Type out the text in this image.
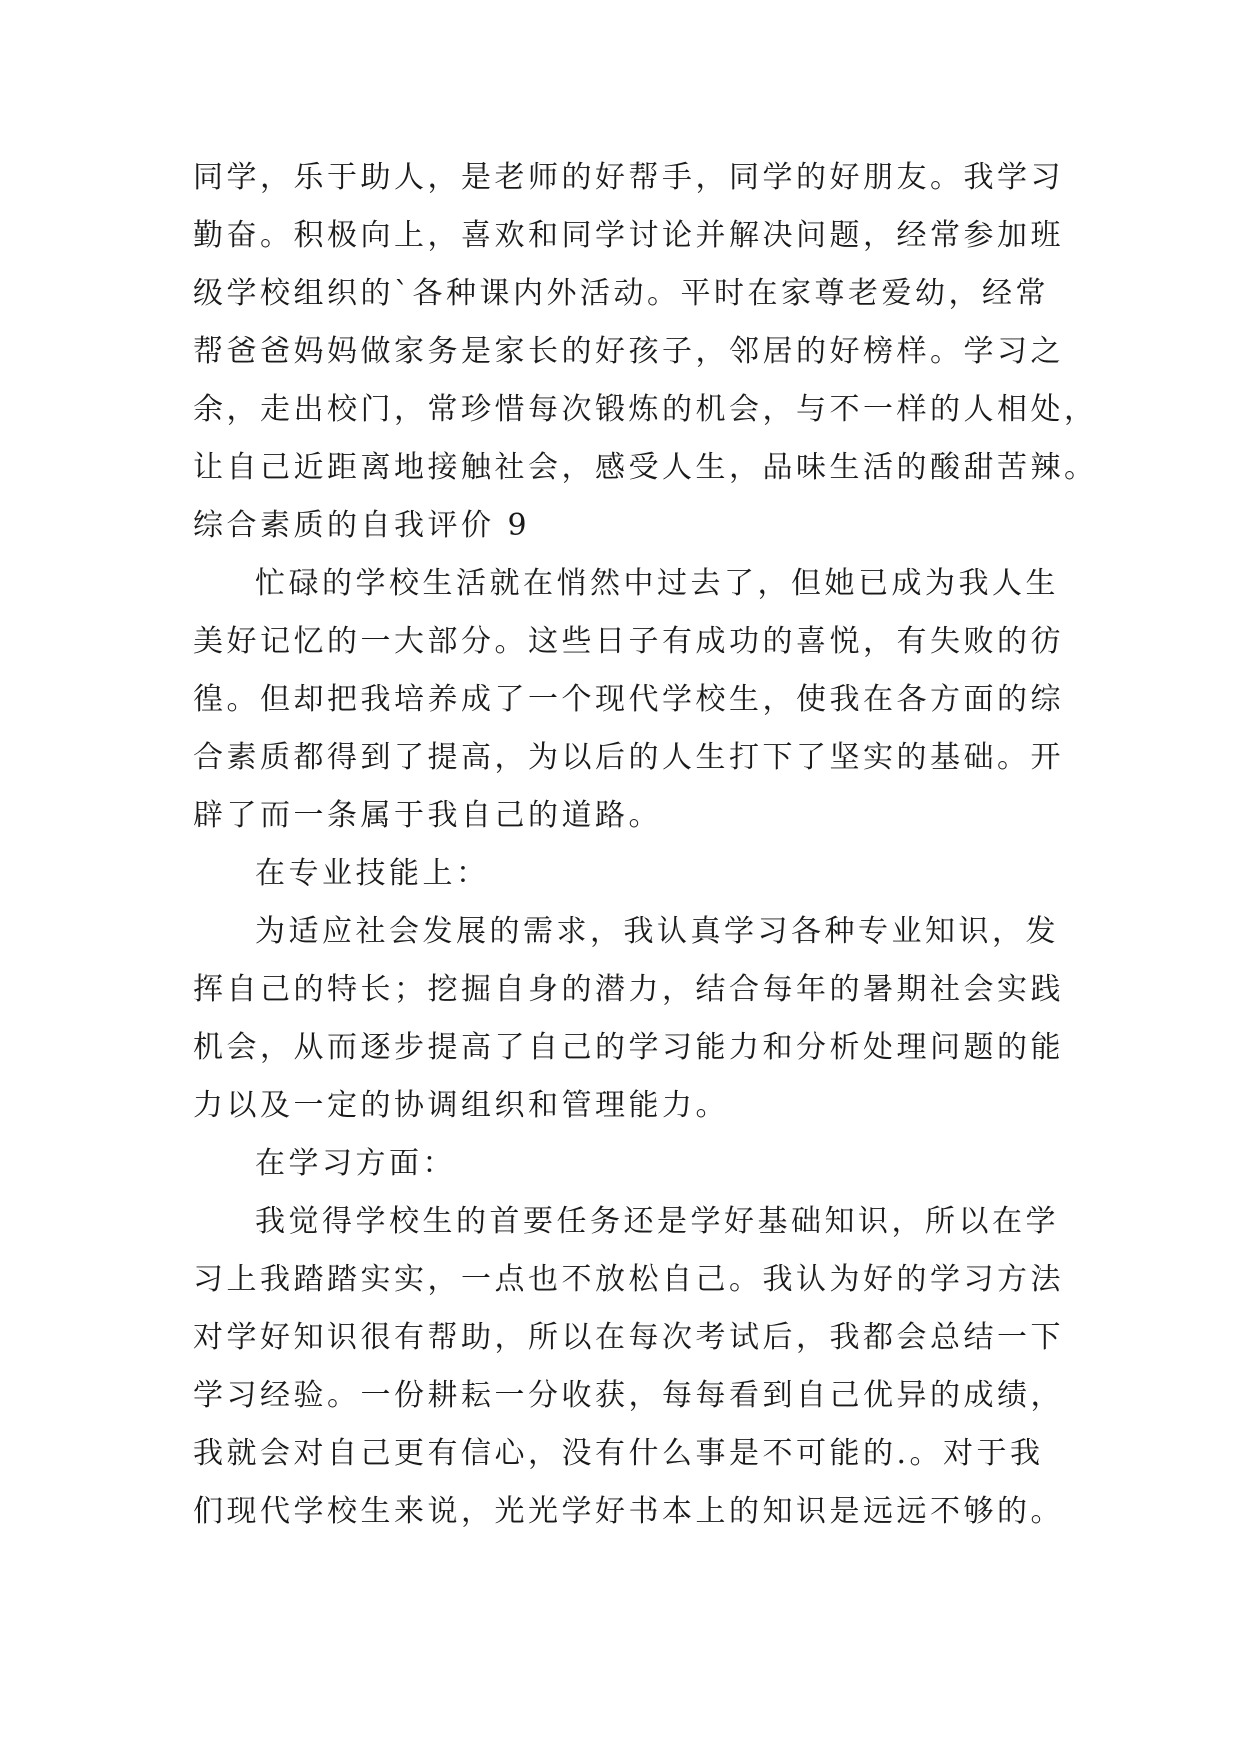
同学，乐于助人，是老师的好帮手，同学的好朋友。我学习
勤奋。积极向上，喜欢和同学讨论并解决问题，经常参加班
级学校组织的`各种课内外活动。平时在家尊老爱幼，经常
帮爸爸妈妈做家务是家长的好孩子，邻居的好榜样。学习之
余，走出校门，常珍惜每次锻炼的机会，与不一样的人相处，
让自己近距离地接触社会，感受人生，品味生活的酸甜苦辣。
综合素质的自我评价 9
忙碌的学校生活就在悄然中过去了，但她已成为我人生
美好记忆的一大部分。这些日子有成功的喜悦，有失败的彷
徨。但却把我培养成了一个现代学校生，使我在各方面的综
合素质都得到了提高，为以后的人生打下了坚实的基础。开
辟了而一条属于我自己的道路。
在专业技能上：
为适应社会发展的需求，我认真学习各种专业知识，发
挥自己的特长；挖掘自身的潜力，结合每年的暑期社会实践
机会，从而逐步提高了自己的学习能力和分析处理问题的能
力以及一定的协调组织和管理能力。
在学习方面：
我觉得学校生的首要任务还是学好基础知识，所以在学
习上我踏踏实实，一点也不放松自己。我认为好的学习方法
对学好知识很有帮助，所以在每次考试后，我都会总结一下
学习经验。一份耕耘一分收获，每每看到自己优异的成绩，
我就会对自己更有信心，没有什么事是不可能的.。对于我
们现代学校生来说，光光学好书本上的知识是远远不够的。
